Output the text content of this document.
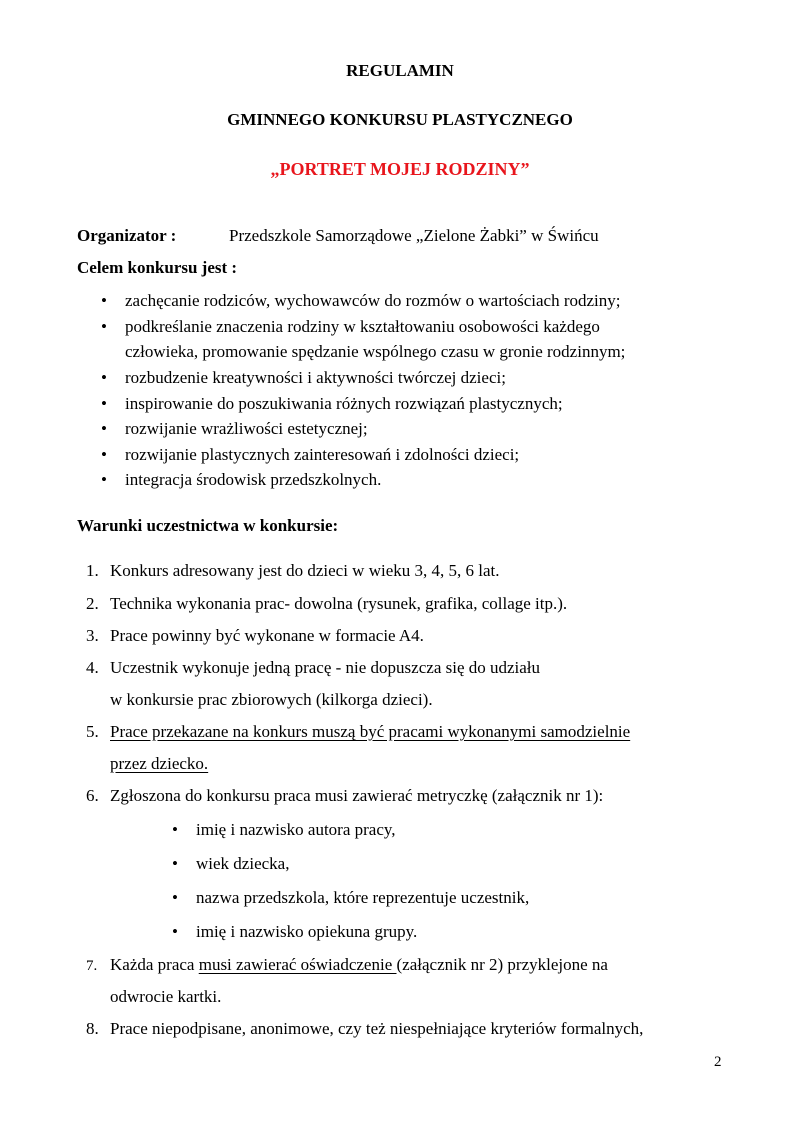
REGULAMIN
GMINNEGO KONKURSU PLASTYCZNEGO
„PORTRET MOJEJ RODZINY”
Organizator :	Przedszkole Samorządowe „Zielone Żabki” w Świńcu
Celem konkursu jest :
• zachęcanie rodziców, wychowawców do rozmów o wartościach rodziny;
• podkreślanie znaczenia rodziny w kształtowaniu osobowości każdego
człowieka, promowanie spędzanie wspólnego czasu w gronie rodzinnym;
• rozbudzenie kreatywności i aktywności twórczej dzieci;
• inspirowanie do poszukiwania różnych rozwiązań plastycznych;
• rozwijanie wrażliwości estetycznej;
• rozwijanie plastycznych zainteresowań i zdolności dzieci;
• integracja środowisk przedszkolnych.
Warunki uczestnictwa w konkursie:
1. Konkurs adresowany jest do dzieci w wieku 3, 4, 5, 6 lat.
2. Technika wykonania prac- dowolna (rysunek, grafika, collage itp.).
3. Prace powinny być wykonane w formacie A4.
4. Uczestnik wykonuje jedną pracę - nie dopuszcza się do udziału
w konkursie prac zbiorowych (kilkorga dzieci).
5. Prace przekazane na konkurs muszą być pracami wykonanymi samodzielnie
przez dziecko.
6. Zgłoszona do konkursu praca musi zawierać metryczkę (załącznik nr 1):
• imię i nazwisko autora pracy,
• wiek dziecka,
• nazwa przedszkola, które reprezentuje uczestnik,
• imię i nazwisko opiekuna grupy.
7. Każda praca musi zawierać oświadczenie (załącznik nr 2) przyklejone na
odwrocie kartki.
8. Prace niepodpisane, anonimowe, czy też niespełniające kryteriów formalnych,
2
